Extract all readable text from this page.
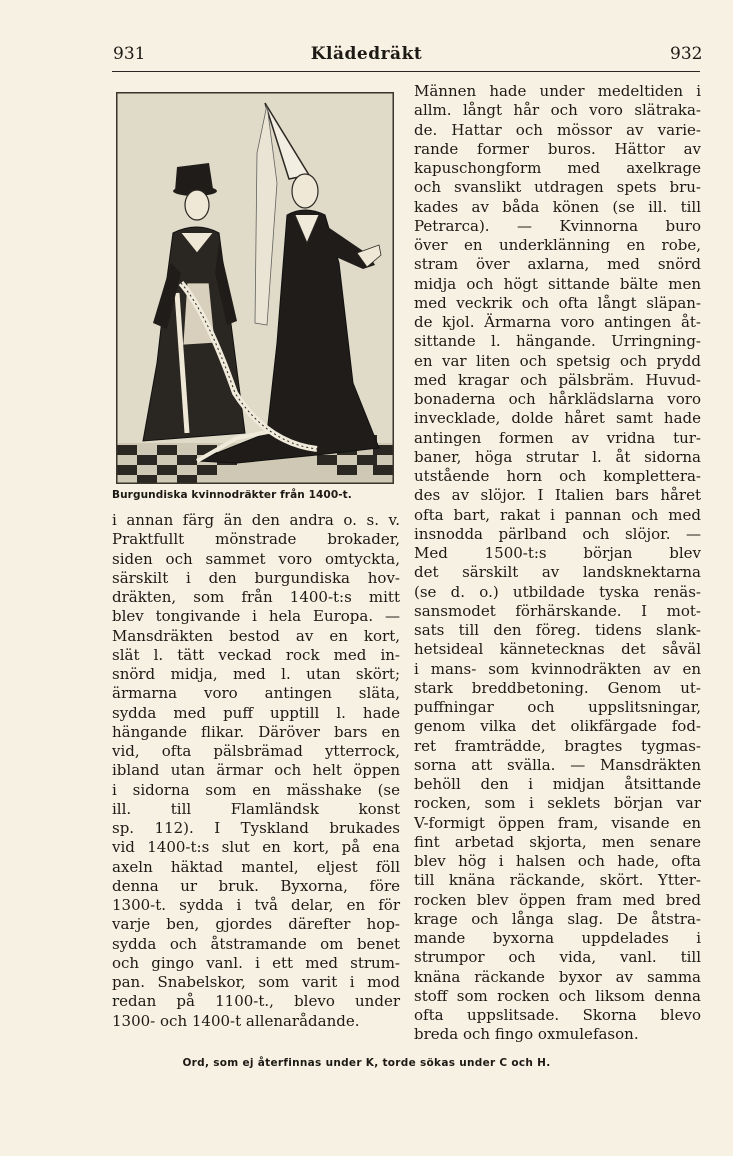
931	Klädedräkt	932
Burgundiska kvinnodräkter från 1400-t.
i annan färg än den andra o. s. v.
Praktfullt mönstrade brokader,
siden och sammet voro omtyckta,
särskilt i den burgundiska hov-
dräkten, som från 1400-t:s mitt
blev tongivande i hela Europa. —
Mansdräkten bestod av en kort,
slät l. tätt veckad rock med in-
snörd midja, med l. utan skört;
ärmarna voro antingen släta,
sydda med puff upptill l. hade
hängande flikar. Däröver bars en
vid, ofta pälsbrämad ytterrock,
ibland utan ärmar och helt öppen
i sidorna som en mässhake (se
ill. till Flamländsk konst
sp. 112). I Tyskland brukades
vid 1400-t:s slut en kort, på ena
axeln häktad mantel, eljest föll
denna ur bruk. Byxorna, före
1300-t. sydda i två delar, en för
varje ben, gjordes därefter hop-
sydda och åtstramande om benet
och gingo vanl. i ett med strum-
pan. Snabelskor, som varit i mod
redan på 1100-t., blevo under
1300- och 1400-t allenarådande.
Männen hade under medeltiden i
allm. långt hår och voro slätraka-
de. Hattar och mössor av varie-
rande former buros. Hättor av
kapuschongform med axelkrage
och svanslikt utdragen spets bru-
kades av båda könen (se ill. till
Petrarca). — Kvinnorna buro
över en underklänning en robe,
stram över axlarna, med snörd
midja och högt sittande bälte men
med veckrik och ofta långt släpan-
de kjol. Ärmarna voro antingen åt-
sittande l. hängande. Urringning-
en var liten och spetsig och prydd
med kragar och pälsbräm. Huvud-
bonaderna och hårklädslarna voro
invecklade, dolde håret samt hade
antingen formen av vridna tur-
baner, höga strutar l. åt sidorna
utstående horn och komplettera-
des av slöjor. I Italien bars håret
ofta bart, rakat i pannan och med
insnodda pärlband och slöjor. —
Med 1500-t:s början blev
det särskilt av landsknektarna
(se d. o.) utbildade tyska renäs-
sansmodet förhärskande. I mot-
sats till den föreg. tidens slank-
hetsideal kännetecknas det såväl
i mans- som kvinnodräkten av en
stark breddbetoning. Genom ut-
puffningar och uppslitsningar,
genom vilka det olikfärgade fod-
ret framträdde, bragtes tygmas-
sorna att svälla. — Mansdräkten
behöll den i midjan åtsittande
rocken, som i seklets början var
V-formigt öppen fram, visande en
fint arbetad skjorta, men senare
blev hög i halsen och hade, ofta
till knäna räckande, skört. Ytter-
rocken blev öppen fram med bred
krage och långa slag. De åtstra-
mande byxorna uppdelades i
strumpor och vida, vanl. till
knäna räckande byxor av samma
stoff som rocken och liksom denna
ofta uppslitsade. Skorna blevo
breda och fingo oxmulefason.
Ord, som ej återfinnas under K, torde sökas under C och H.
